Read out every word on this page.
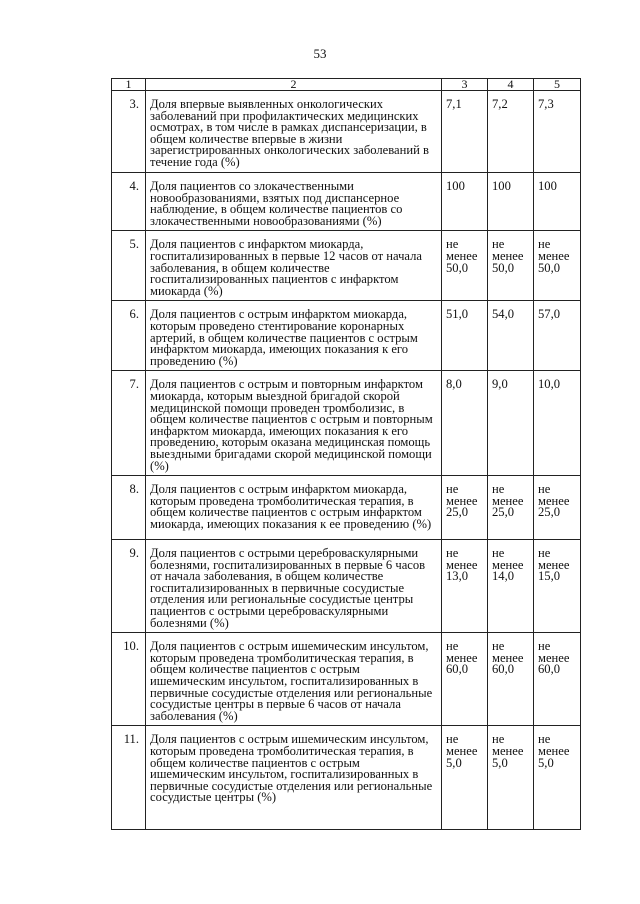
53
1	2	3	4	5
3.	Доля впервые выявленных онкологических заболеваний при профилактических медицинских осмотрах, в том числе в рамках диспансеризации, в общем количестве впервые в жизни зарегистрированных онкологических заболеваний в течение года (%)	7,1	7,2	7,3
4.	Доля пациентов со злокачественными новообразованиями, взятых под диспансерное наблюдение, в общем количестве пациентов со злокачественными новообразованиями (%)	100	100	100
5.	Доля пациентов с инфарктом миокарда, госпитализированных в первые 12 часов от начала заболевания, в общем количестве госпитализированных пациентов с инфарктом миокарда (%)	не менее 50,0	не менее 50,0	не менее 50,0
6.	Доля пациентов с острым инфарктом миокарда, которым проведено стентирование коронарных артерий, в общем количестве пациентов с острым инфарктом миокарда, имеющих показания к его проведению (%)	51,0	54,0	57,0
7.	Доля пациентов с острым и повторным инфарктом миокарда, которым выездной бригадой скорой медицинской помощи проведен тромболизис, в общем количестве пациентов с острым и повторным инфарктом миокарда, имеющих показания к его проведению, которым оказана медицинская помощь выездными бригадами скорой медицинской помощи (%)	8,0	9,0	10,0
8.	Доля пациентов с острым инфарктом миокарда, которым проведена тромболитическая терапия, в общем количестве пациентов с острым инфарктом миокарда, имеющих показания к ее проведению (%)	не менее 25,0	не менее 25,0	не менее 25,0
9.	Доля пациентов с острыми цереброваскулярными болезнями, госпитализированных в первые 6 часов от начала заболевания, в общем количестве госпитализированных в первичные сосудистые отделения или региональные сосудистые центры пациентов с острыми цереброваскулярными болезнями (%)	не менее 13,0	не менее 14,0	не менее 15,0
10.	Доля пациентов с острым ишемическим инсультом, которым проведена тромболитическая терапия, в общем количестве пациентов с острым ишемическим инсультом, госпитализированных в первичные сосудистые отделения или региональные сосудистые центры в первые 6 часов от начала заболевания (%)	не менее 60,0	не менее 60,0	не менее 60,0
11.	Доля пациентов с острым ишемическим инсультом, которым проведена тромболитическая терапия, в общем количестве пациентов с острым ишемическим инсультом, госпитализированных в первичные сосудистые отделения или региональные сосудистые центры (%)	не менее 5,0	не менее 5,0	не менее 5,0
